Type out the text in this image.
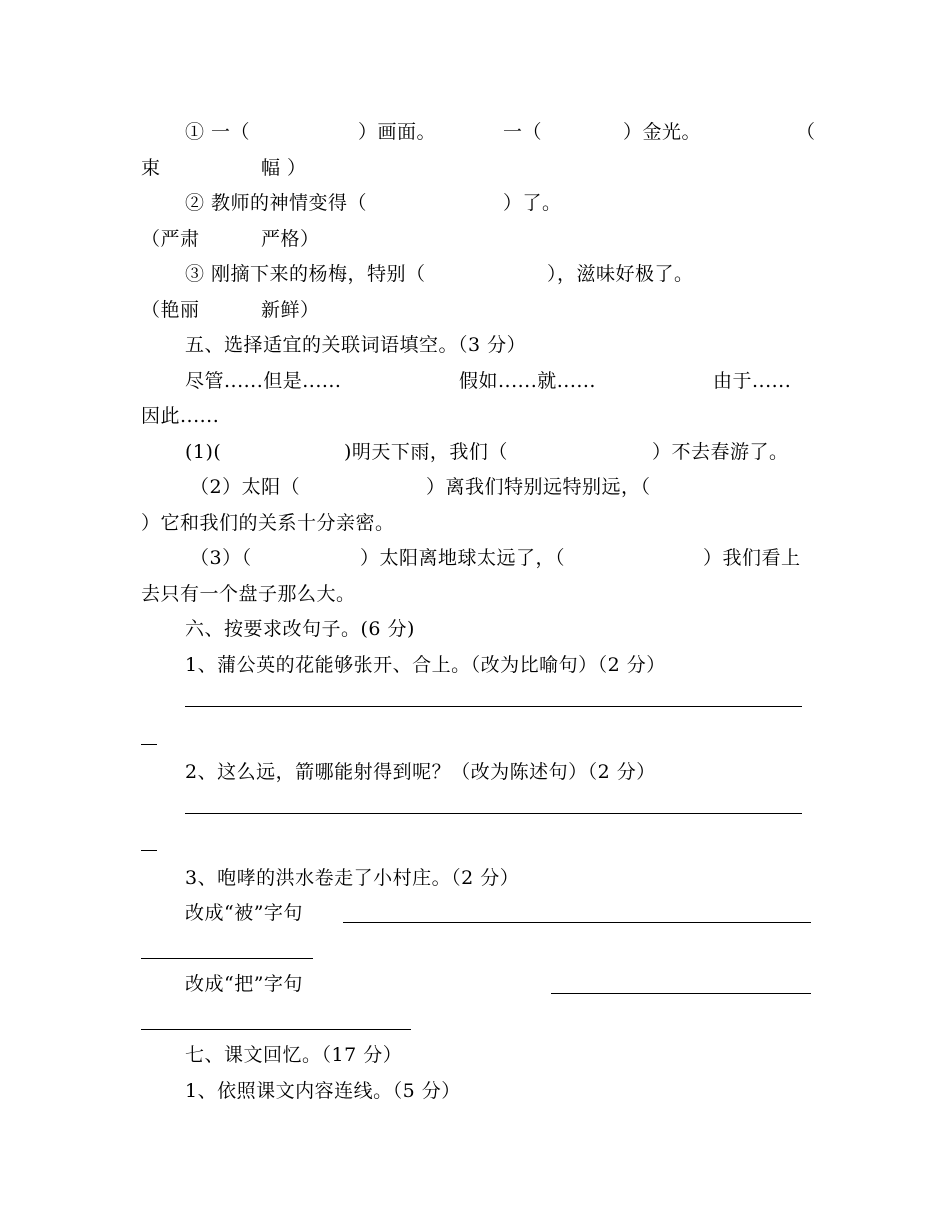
① 一（	）画面。	一（	）金光。	（
束	幅 ）
② 教师的神情变得（	）了。
（严肃	严格）
③ 刚摘下来的杨梅，特别（	），滋味好极了。
（艳丽	新鲜）
五、选择适宜的关联词语填空。（3 分）
尽管......但是......	假如......就......	由于......
因此......
(1)(	)明天下雨，我们（	）不去春游了。
（2）太阳（	）离我们特别远特别远，（
）它和我们的关系十分亲密。
（3）（	）太阳离地球太远了，（	）我们看上
去只有一个盘子那么大。
六、按要求改句子。(6 分)
1、蒲公英的花能够张开、合上。（改为比喻句）（2 分）
2、这么远，箭哪能射得到呢？（改为陈述句）（2 分）
3、咆哮的洪水卷走了小村庄。（2 分）
改成“被”字句
改成“把”字句
七、课文回忆。（17 分）
1、依照课文内容连线。（5 分）
